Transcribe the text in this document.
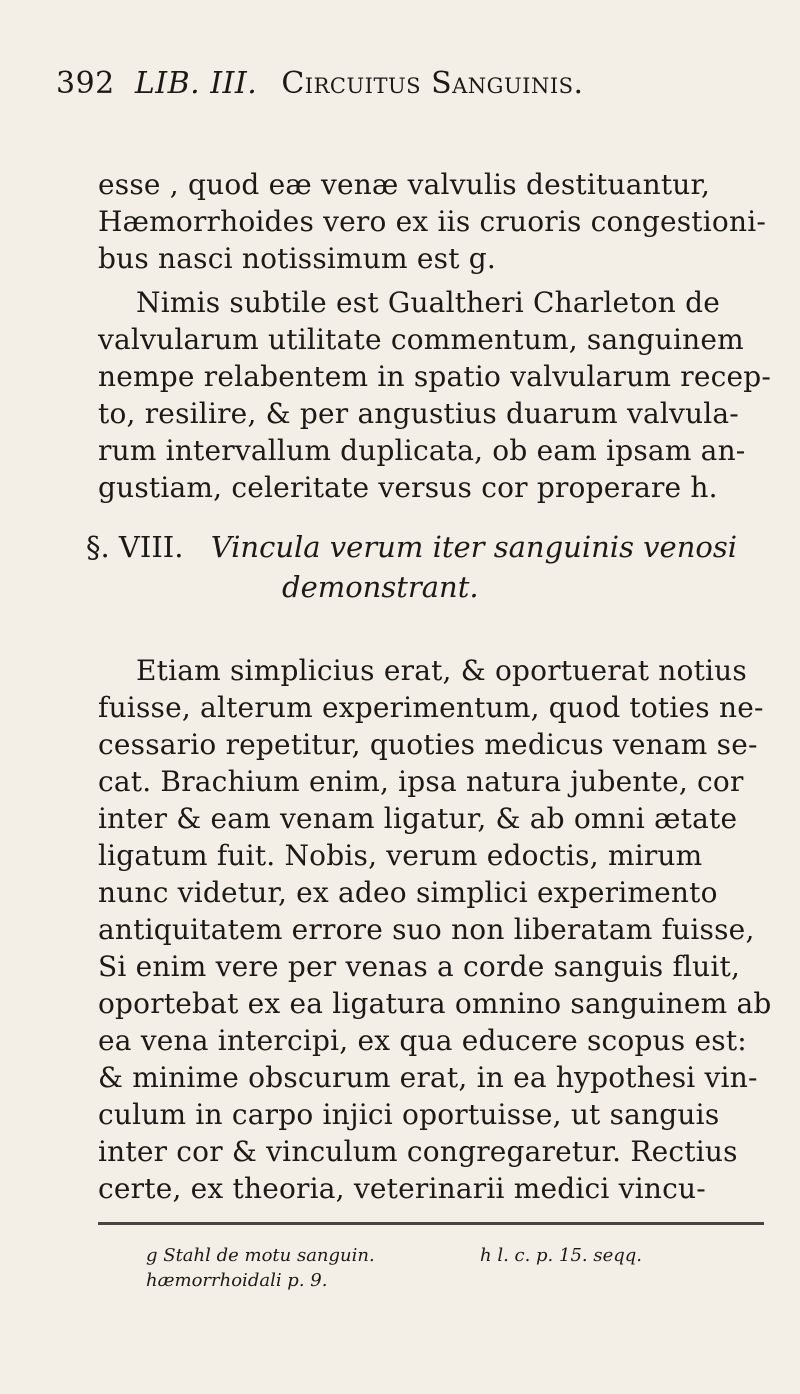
392 LIB. III. Circuitus Sanguinis.
esse , quod eæ venæ valvulis destituantur,
Hæmorrhoides vero ex iis cruoris congestioni-
bus nasci notissimum est g.
Nimis subtile est Gualtheri Charleton de
valvularum utilitate commentum, sanguinem
nempe relabentem in spatio valvularum recep-
to, resilire, & per angustius duarum valvula-
rum intervallum duplicata, ob eam ipsam an-
gustiam, celeritate versus cor properare h.
§. VIII. Vincula verum iter sanguinis venosi
demonstrant.
Etiam simplicius erat, & oportuerat notius
fuisse, alterum experimentum, quod toties ne-
cessario repetitur, quoties medicus venam se-
cat. Brachium enim, ipsa natura jubente, cor
inter & eam venam ligatur, & ab omni ætate
ligatum fuit. Nobis, verum edoctis, mirum
nunc videtur, ex adeo simplici experimento
antiquitatem errore suo non liberatam fuisse,
Si enim vere per venas a corde sanguis fluit,
oportebat ex ea ligatura omnino sanguinem ab
ea vena intercipi, ex qua educere scopus est:
& minime obscurum erat, in ea hypothesi vin-
culum in carpo injici oportuisse, ut sanguis
inter cor & vinculum congregaretur. Rectius
certe, ex theoria, veterinarii medici vincu-
g Stahl de motu sanguin.	h l. c. p. 15. seqq.
hæmorrhoidali p. 9.
